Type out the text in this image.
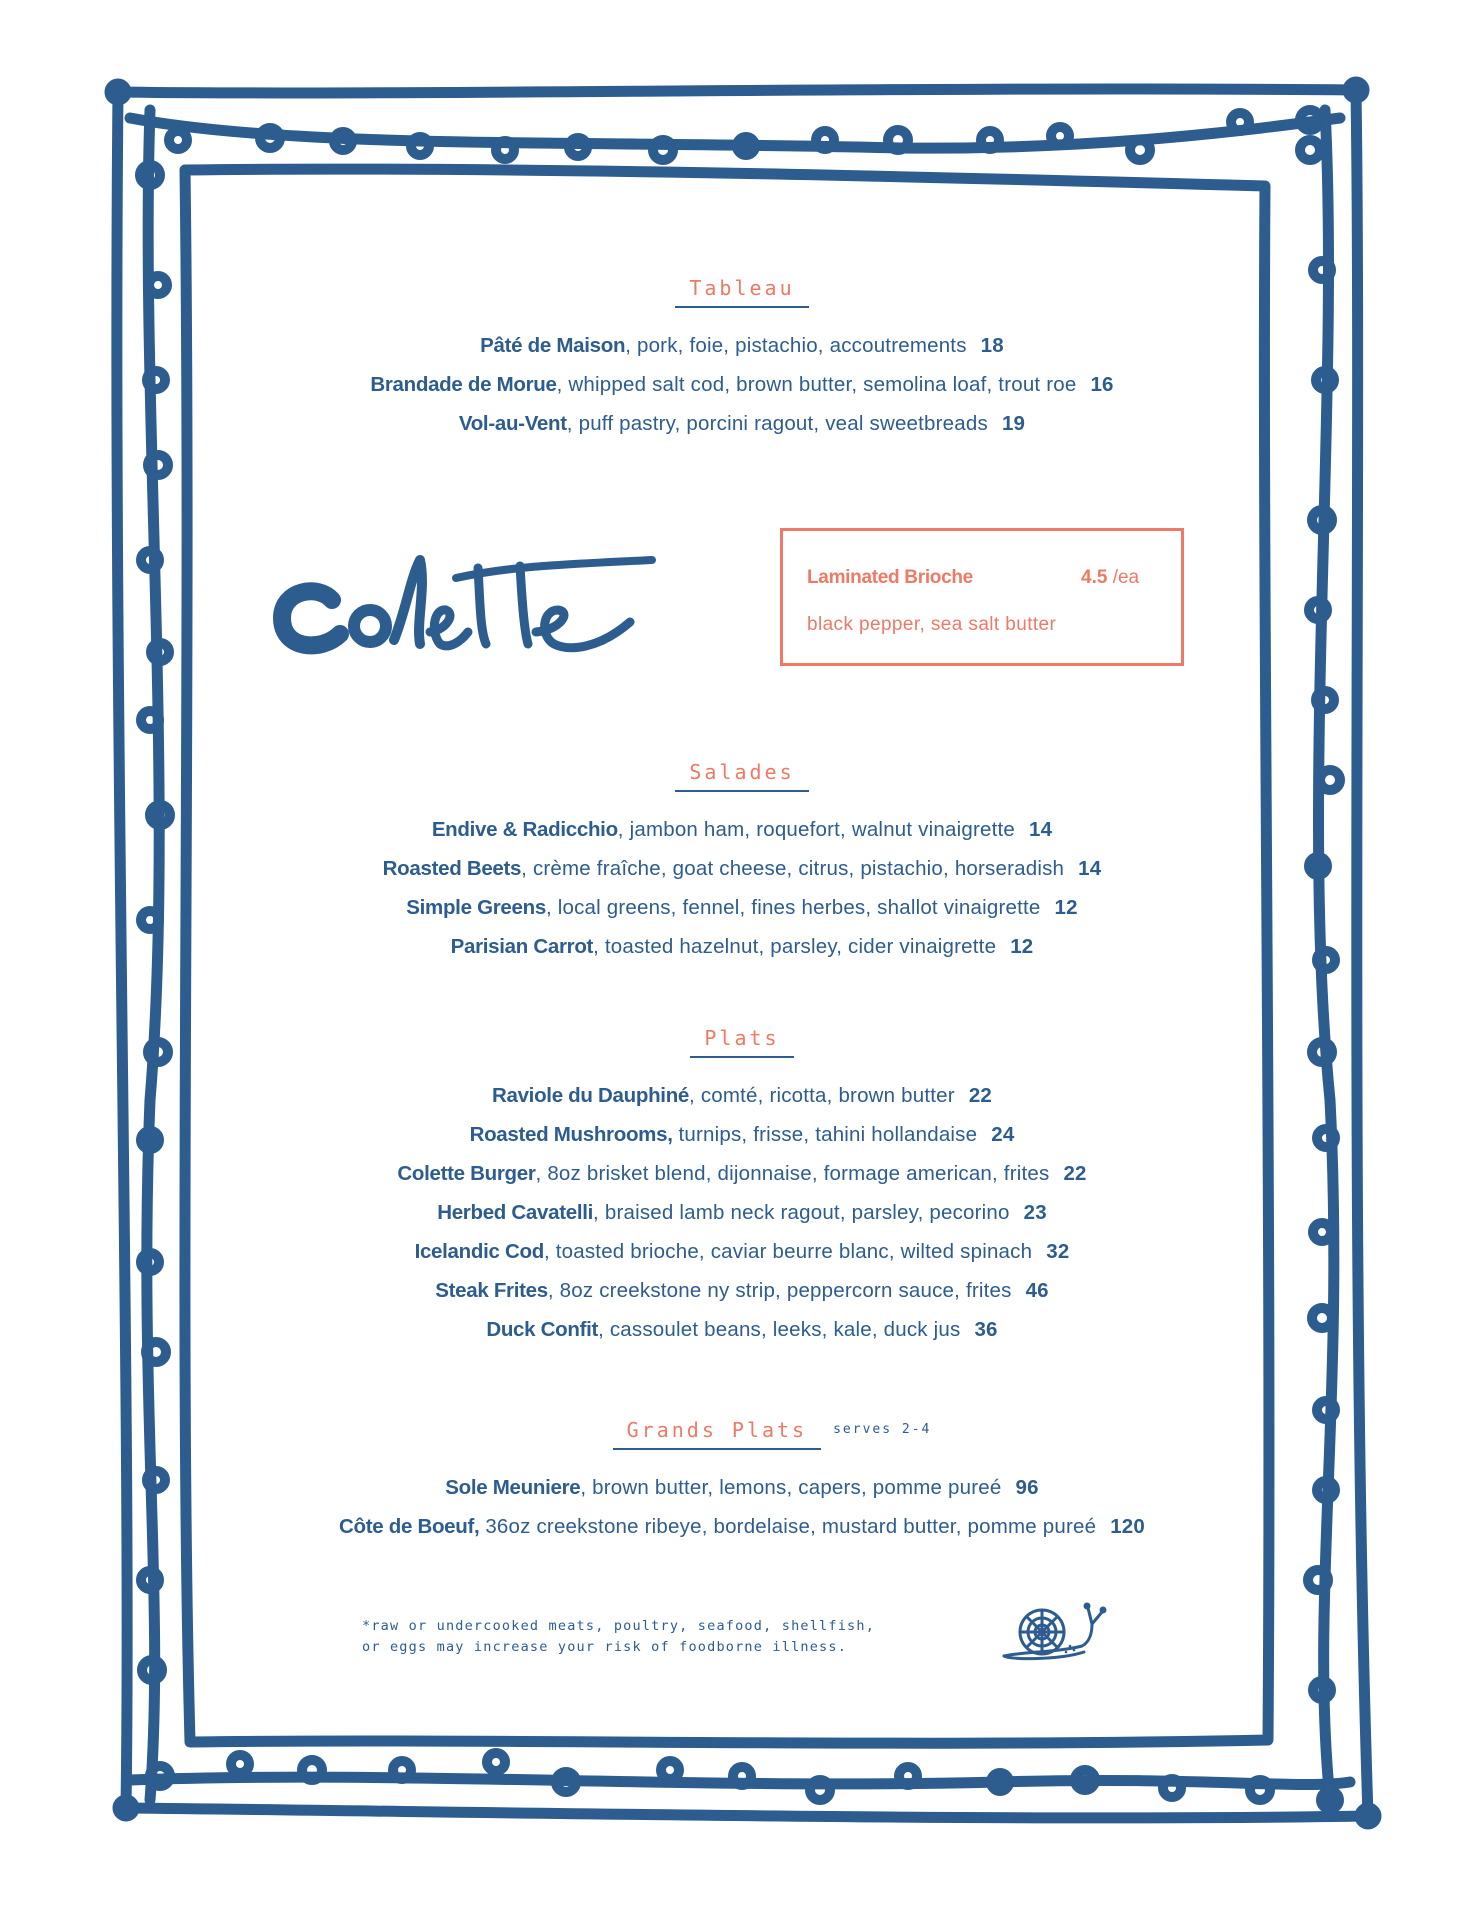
Laminated Brioche	4.5 /ea
black pepper, sea salt butter
Tableau
Pâté de Maison, pork, foie, pistachio, accoutrements 18
Brandade de Morue, whipped salt cod, brown butter, semolina loaf, trout roe 16
Vol-au-Vent, puff pastry, porcini ragout, veal sweetbreads 19
Salades
Endive & Radicchio, jambon ham, roquefort, walnut vinaigrette 14
Roasted Beets, crème fraîche, goat cheese, citrus, pistachio, horseradish 14
Simple Greens, local greens, fennel, fines herbes, shallot vinaigrette 12
Parisian Carrot, toasted hazelnut, parsley, cider vinaigrette 12
Plats
Raviole du Dauphiné, comté, ricotta, brown butter 22
Roasted Mushrooms, turnips, frisse, tahini hollandaise 24
Colette Burger, 8oz brisket blend, dijonnaise, formage american, frites 22
Herbed Cavatelli, braised lamb neck ragout, parsley, pecorino 23
Icelandic Cod, toasted brioche, caviar beurre blanc, wilted spinach 32
Steak Frites, 8oz creekstone ny strip, peppercorn sauce, frites 46
Duck Confit, cassoulet beans, leeks, kale, duck jus 36
Grands Plats $^{serves 2-4}$
Sole Meuniere, brown butter, lemons, capers, pomme pureé 96
Côte de Boeuf, 36oz creekstone ribeye, bordelaise, mustard butter, pomme pureé 120
*raw or undercooked meats, poultry, seafood, shellfish,
or eggs may increase your risk of foodborne illness.
